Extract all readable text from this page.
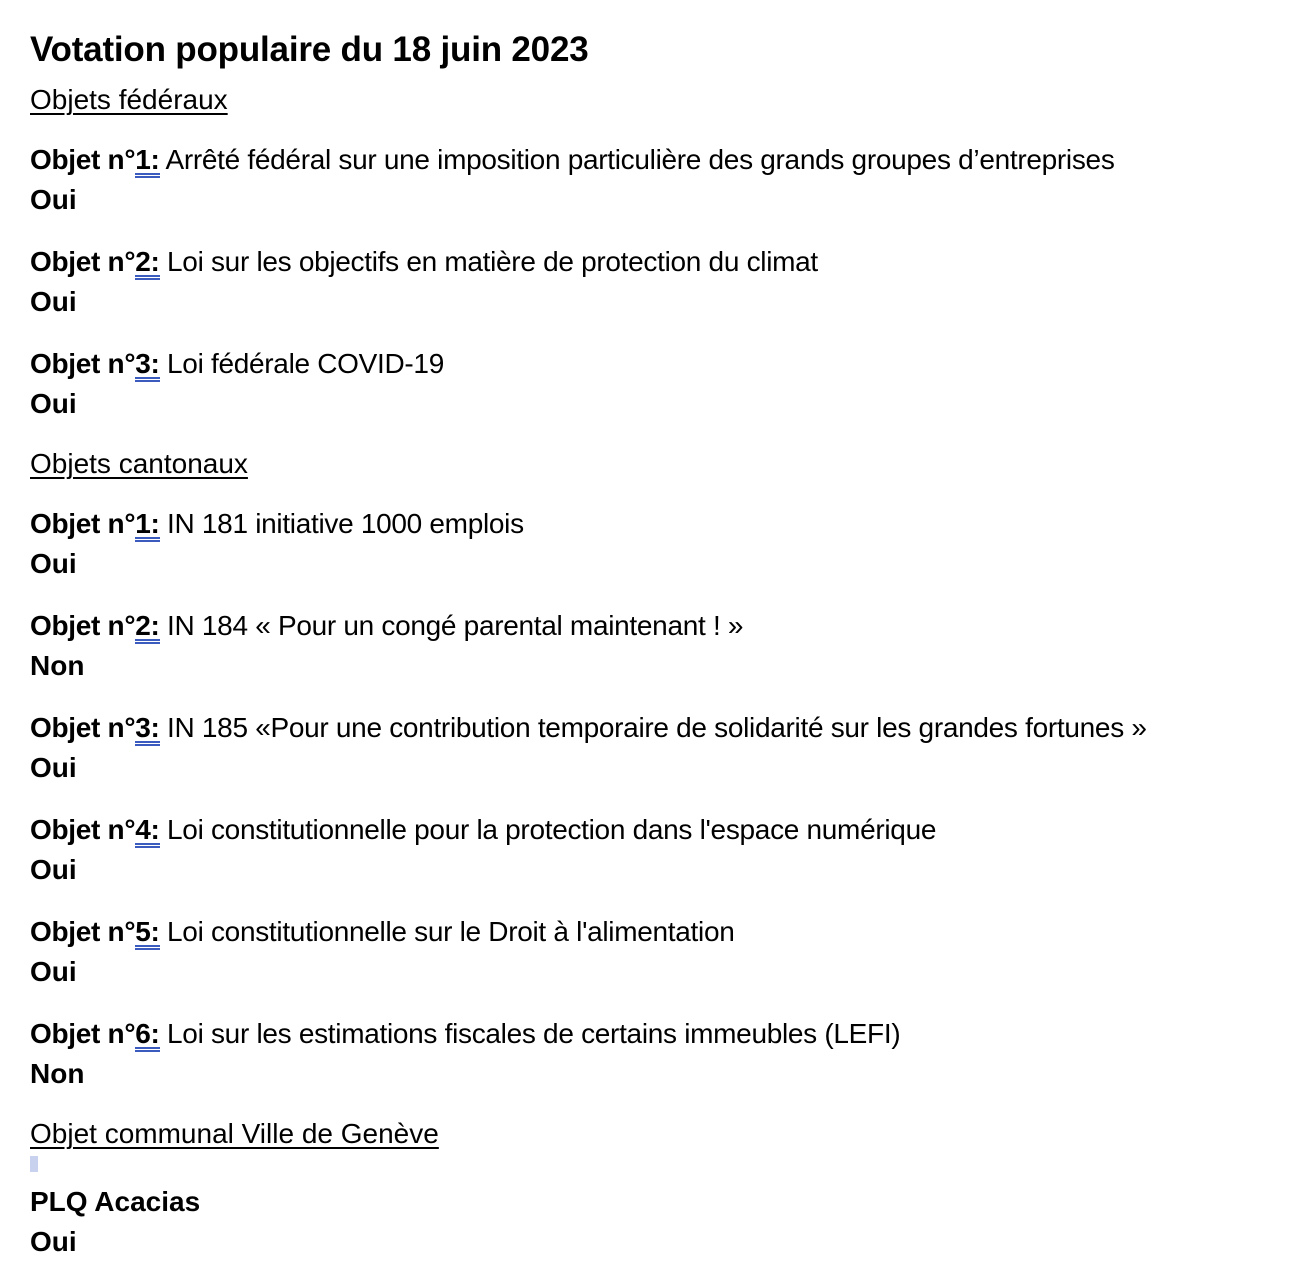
Votation populaire du 18 juin 2023
Objets fédéraux
Objet n°1: Arrêté fédéral sur une imposition particulière des grands groupes d’entreprises
Oui
Objet n°2: Loi sur les objectifs en matière de protection du climat
Oui
Objet n°3: Loi fédérale COVID-19
Oui
Objets cantonaux
Objet n°1: IN 181 initiative 1000 emplois
Oui
Objet n°2: IN 184 « Pour un congé parental maintenant ! »
Non
Objet n°3: IN 185 «Pour une contribution temporaire de solidarité sur les grandes fortunes »
Oui
Objet n°4: Loi constitutionnelle pour la protection dans l'espace numérique
Oui
Objet n°5: Loi constitutionnelle sur le Droit à l'alimentation
Oui
Objet n°6: Loi sur les estimations fiscales de certains immeubles (LEFI)
Non
Objet communal Ville de Genève
PLQ Acacias
Oui
